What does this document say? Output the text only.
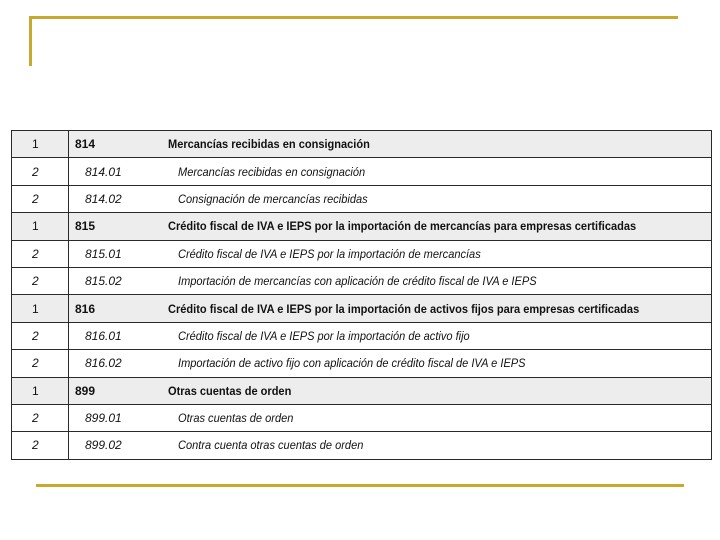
1	814	Mercancías recibidas en consignación	
2	814.01	Mercancías recibidas en consignación	
2	814.02	Consignación de mercancías recibidas	
1	815	Crédito fiscal de IVA e IEPS por la importación de mercancías para empresas certificadas	
2	815.01	Crédito fiscal de IVA e IEPS por la importación de mercancías	
2	815.02	Importación de mercancías con aplicación de crédito fiscal de IVA e IEPS	
1	816	Crédito fiscal de IVA e IEPS por la importación de activos fijos para empresas certificadas	
2	816.01	Crédito fiscal de IVA e IEPS por la importación de activo fijo	
2	816.02	Importación de activo fijo con aplicación de crédito fiscal de IVA e IEPS	
1	899	Otras cuentas de orden	
2	899.01	Otras cuentas de orden	
2	899.02	Contra cuenta otras cuentas de orden	
